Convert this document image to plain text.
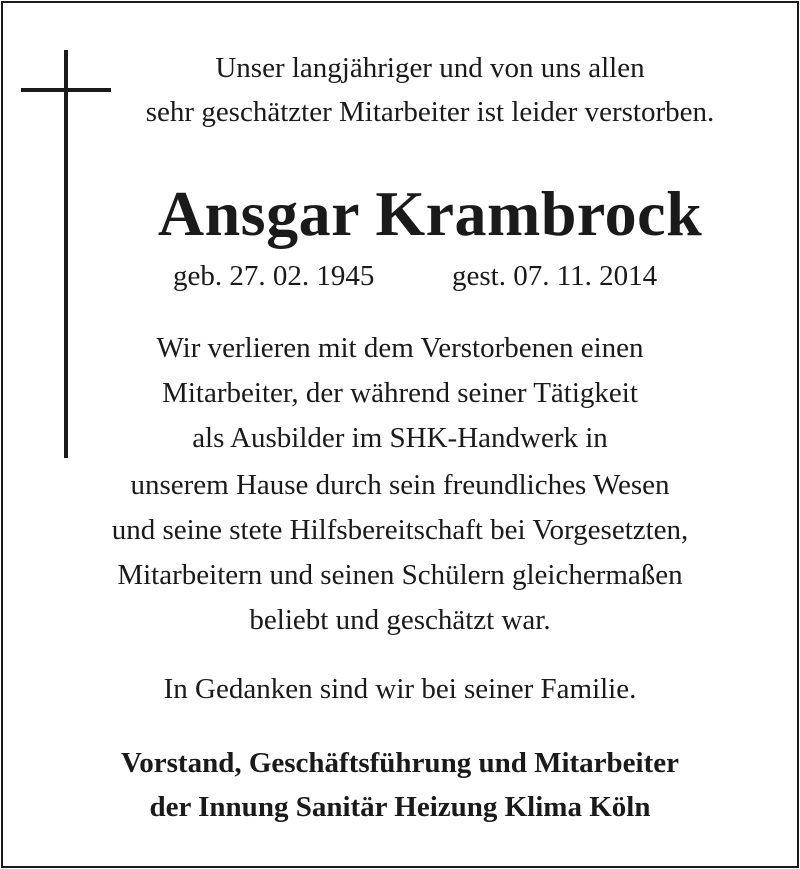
Unser langjähriger und von uns allen
sehr geschätzter Mitarbeiter ist leider verstorben.
Ansgar Krambrock
geb. 27. 02. 1945	gest. 07. 11. 2014
Wir verlieren mit dem Verstorbenen einen
Mitarbeiter, der während seiner Tätigkeit
als Ausbilder im SHK-Handwerk in
unserem Hause durch sein freundliches Wesen
und seine stete Hilfsbereitschaft bei Vorgesetzten,
Mitarbeitern und seinen Schülern gleichermaßen
beliebt und geschätzt war.
In Gedanken sind wir bei seiner Familie.
Vorstand, Geschäftsführung und Mitarbeiter
der Innung Sanitär Heizung Klima Köln
